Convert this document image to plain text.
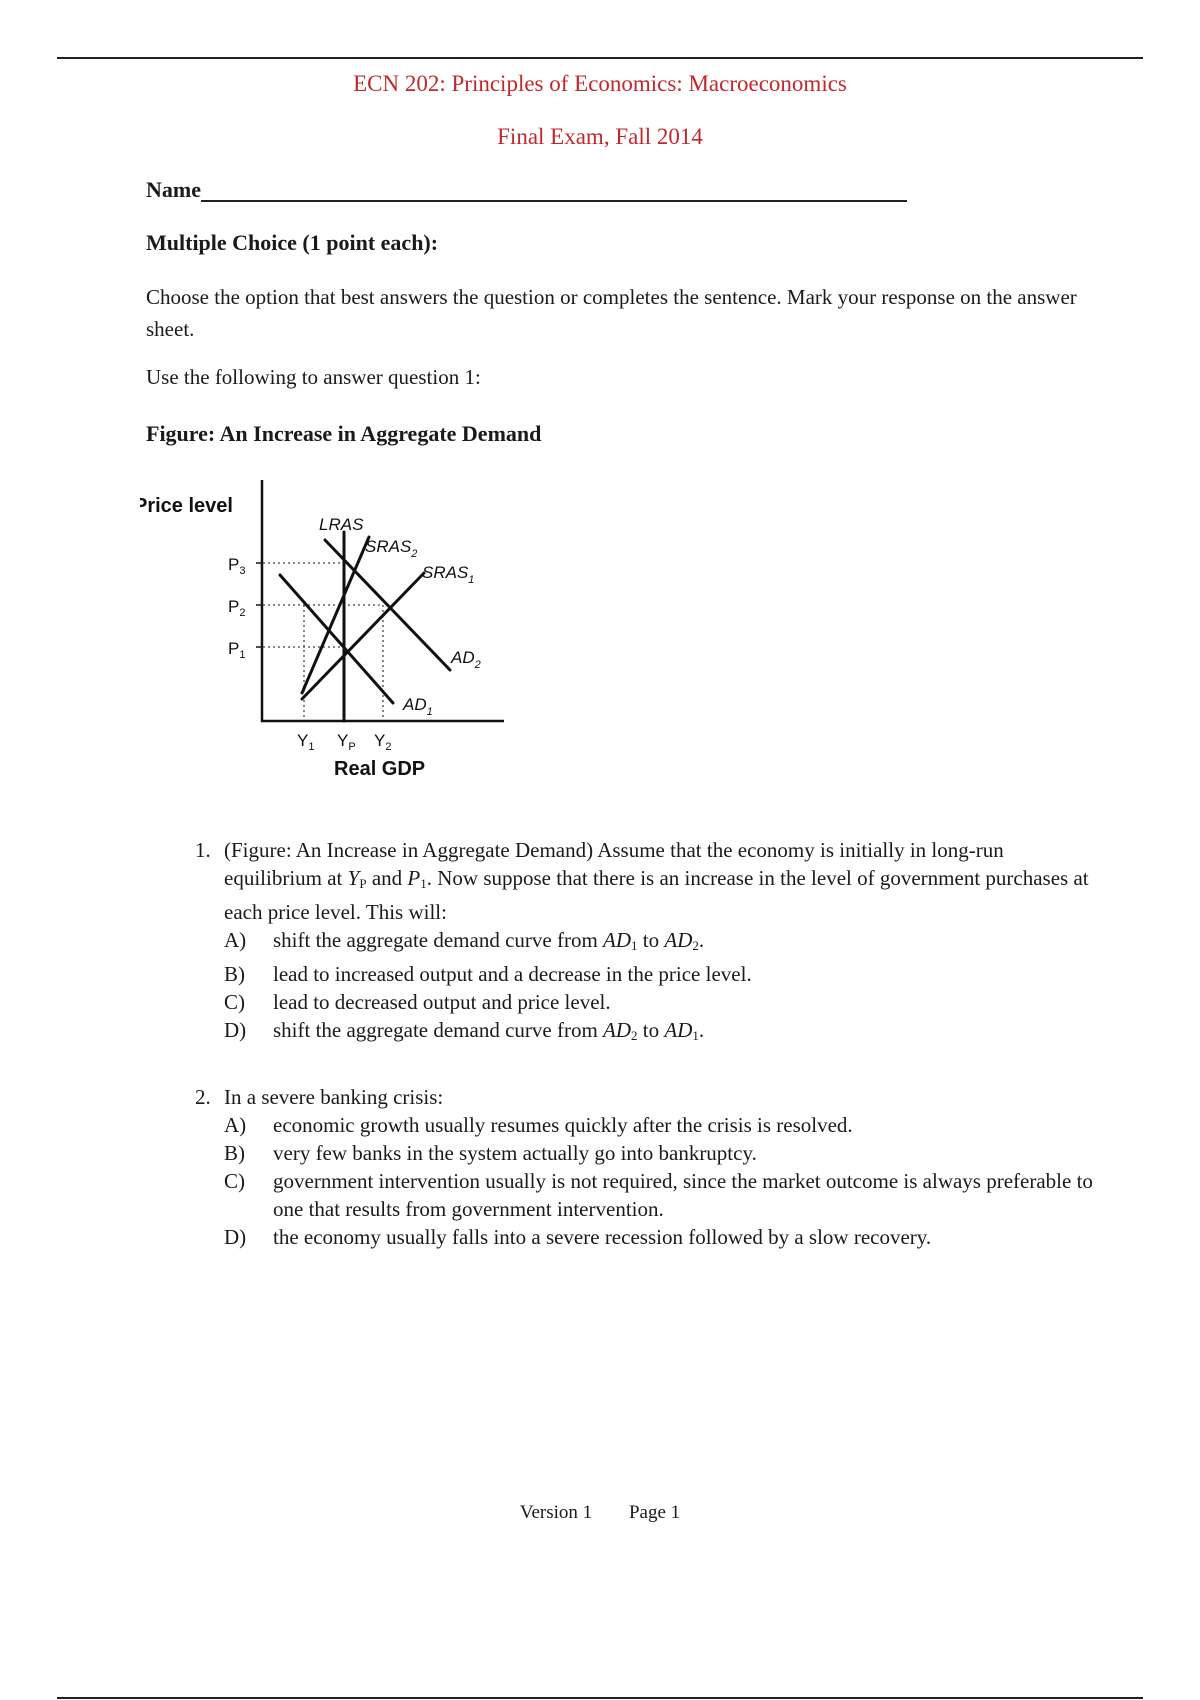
ECN 202: Principles of Economics: Macroeconomics
Final Exam, Fall 2014
Name
Multiple Choice (1 point each):
Choose the option that best answers the question or completes the sentence. Mark your response on the answer sheet.
Use the following to answer question 1:
Figure: An Increase in Aggregate Demand
Price level
Real GDP
$P_3$
$P_2$
$P_1$
$Y_1$ $Y_P$ $Y_2$
LRAS
$SRAS_2$
$SRAS_1$
$AD_2$
$AD_1$
1. (Figure: An Increase in Aggregate Demand) Assume that the economy is initially in long-run equilibrium at $Y_P$ and $P_1$. Now suppose that there is an increase in the level of government purchases at each price level. This will:
A)	shift the aggregate demand curve from $AD_1$ to $AD_2$.
B)	lead to increased output and a decrease in the price level.
C)	lead to decreased output and price level.
D)	shift the aggregate demand curve from $AD_2$ to $AD_1$.
2. In a severe banking crisis:
A)	economic growth usually resumes quickly after the crisis is resolved.
B)	very few banks in the system actually go into bankruptcy.
C)	government intervention usually is not required, since the market outcome is always preferable to one that results from government intervention.
D)	the economy usually falls into a severe recession followed by a slow recovery.
Version 1 Page 1
